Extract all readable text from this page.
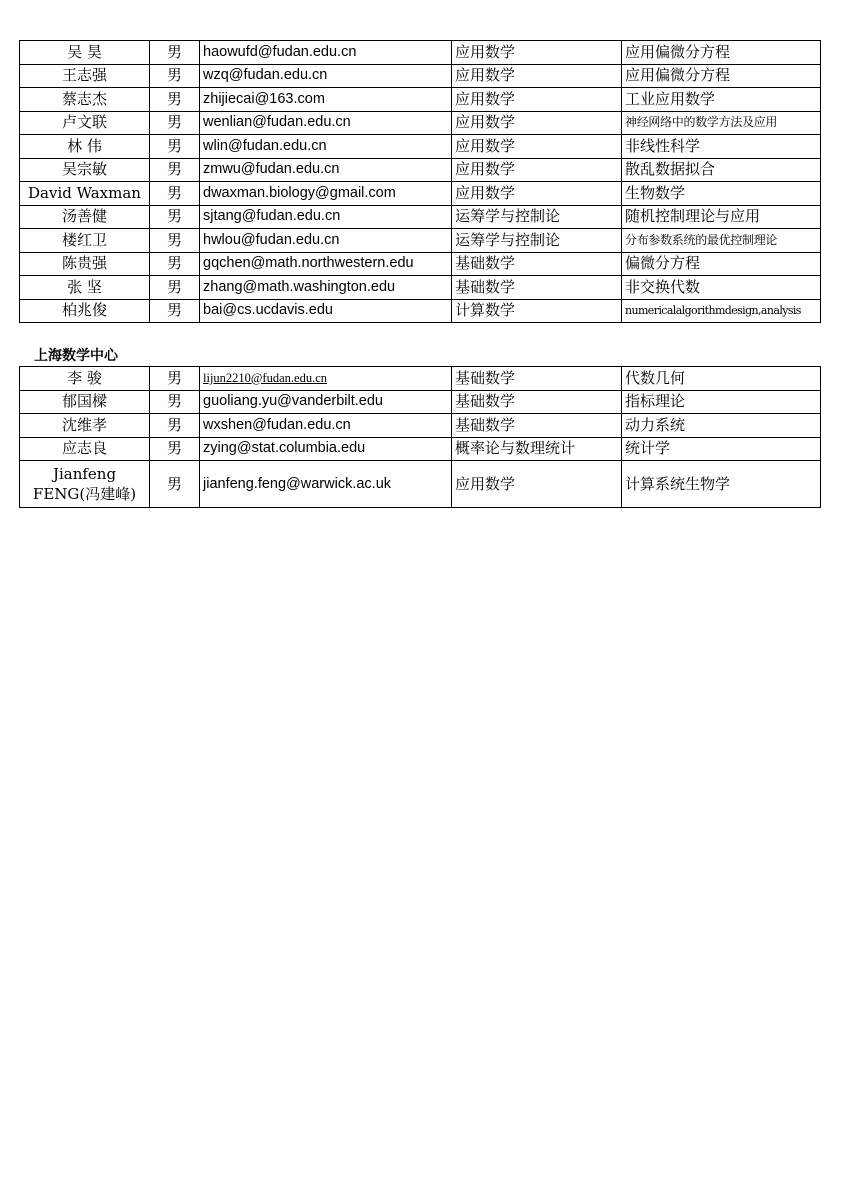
吴 昊	男	haowufd@fudan.edu.cn	应用数学	应用偏微分方程
王志强	男	wzq@fudan.edu.cn	应用数学	应用偏微分方程
蔡志杰	男	zhijiecai@163.com	应用数学	工业应用数学
卢文联	男	wenlian@fudan.edu.cn	应用数学	神经网络中的数学方法及应用
林 伟	男	wlin@fudan.edu.cn	应用数学	非线性科学
吴宗敏	男	zmwu@fudan.edu.cn	应用数学	散乱数据拟合
David Waxman	男	dwaxman.biology@gmail.com	应用数学	生物数学
汤善健	男	sjtang@fudan.edu.cn	运筹学与控制论	随机控制理论与应用
楼红卫	男	hwlou@fudan.edu.cn	运筹学与控制论	分布参数系统的最优控制理论
陈贵强	男	gqchen@math.northwestern.edu	基础数学	偏微分方程
张 坚	男	zhang@math.washington.edu	基础数学	非交换代数
柏兆俊	男	bai@cs.ucdavis.edu	计算数学	numericalalgorithmdesign,analysis
上海数学中心
李 骏	男	lijun2210@fudan.edu.cn	基础数学	代数几何
郁国樑	男	guoliang.yu@vanderbilt.edu	基础数学	指标理论
沈维孝	男	wxshen@fudan.edu.cn	基础数学	动力系统
应志良	男	zying@stat.columbia.edu	概率论与数理统计	统计学
Jianfeng FENG(冯建峰)	男	jianfeng.feng@warwick.ac.uk	应用数学	计算系统生物学
